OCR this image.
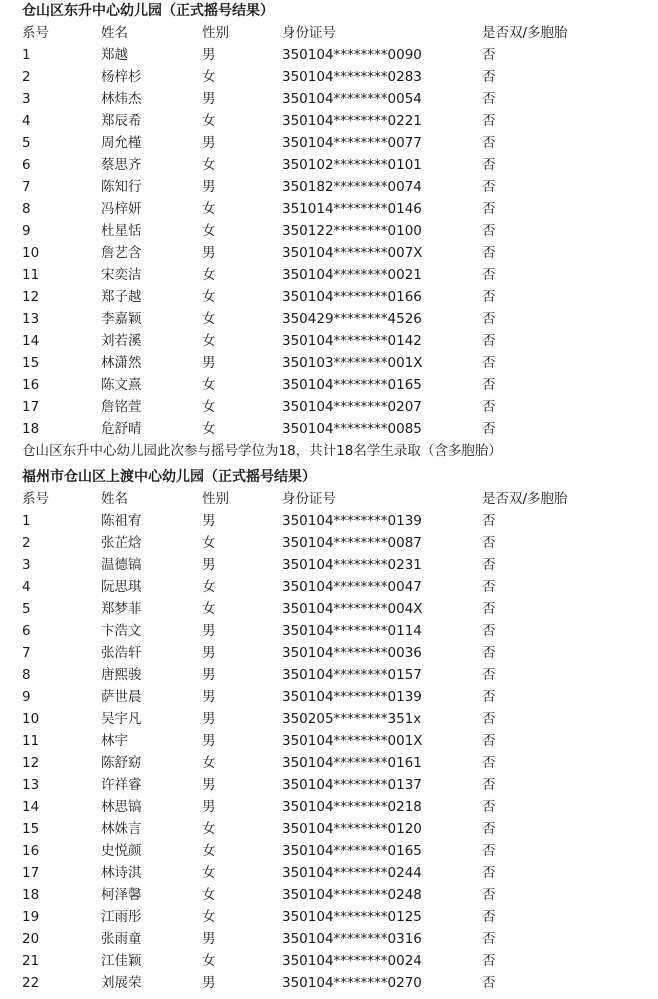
仓山区东升中心幼儿园（正式摇号结果）
系号	姓名	性别	身份证号	是否双/多胞胎
1	郑越	男	350104********0090	否
2	杨梓杉	女	350104********0283	否
3	林炜杰	男	350104********0054	否
4	郑辰希	女	350104********0221	否
5	周允槿	男	350104********0077	否
6	蔡思齐	女	350102********0101	否
7	陈知行	男	350182********0074	否
8	冯梓妍	女	351014********0146	否
9	杜星恬	女	350122********0100	否
10	詹艺含	男	350104********007X	否
11	宋奕洁	女	350104********0021	否
12	郑子越	女	350104********0166	否
13	李嘉颖	女	350429********4526	否
14	刘若溪	女	350104********0142	否
15	林潇然	男	350103********001X	否
16	陈文熹	女	350104********0165	否
17	詹铭萱	女	350104********0207	否
18	危舒晴	女	350104********0085	否
仓山区东升中心幼儿园此次参与摇号学位为18，共计18名学生录取（含多胞胎）
福州市仓山区上渡中心幼儿园（正式摇号结果）
系号	姓名	性别	身份证号	是否双/多胞胎
1	陈祖宥	男	350104********0139	否
2	张芷焓	女	350104********0087	否
3	温德镐	男	350104********0231	否
4	阮思琪	女	350104********0047	否
5	郑梦菲	女	350104********004X	否
6	卞浩文	男	350104********0114	否
7	张浩轩	男	350104********0036	否
8	唐熙骏	男	350104********0157	否
9	萨世晨	男	350104********0139	否
10	吴宇凡	男	350205********351x	否
11	林宇	男	350104********001X	否
12	陈舒窈	女	350104********0161	否
13	许祥睿	男	350104********0137	否
14	林思镐	男	350104********0218	否
15	林姝言	女	350104********0120	否
16	史悦颜	女	350104********0165	否
17	林诗淇	女	350104********0244	否
18	柯泽馨	女	350104********0248	否
19	江雨彤	女	350104********0125	否
20	张雨童	男	350104********0316	否
21	江佳颖	女	350104********0024	否
22	刘展荣	男	350104********0270	否
